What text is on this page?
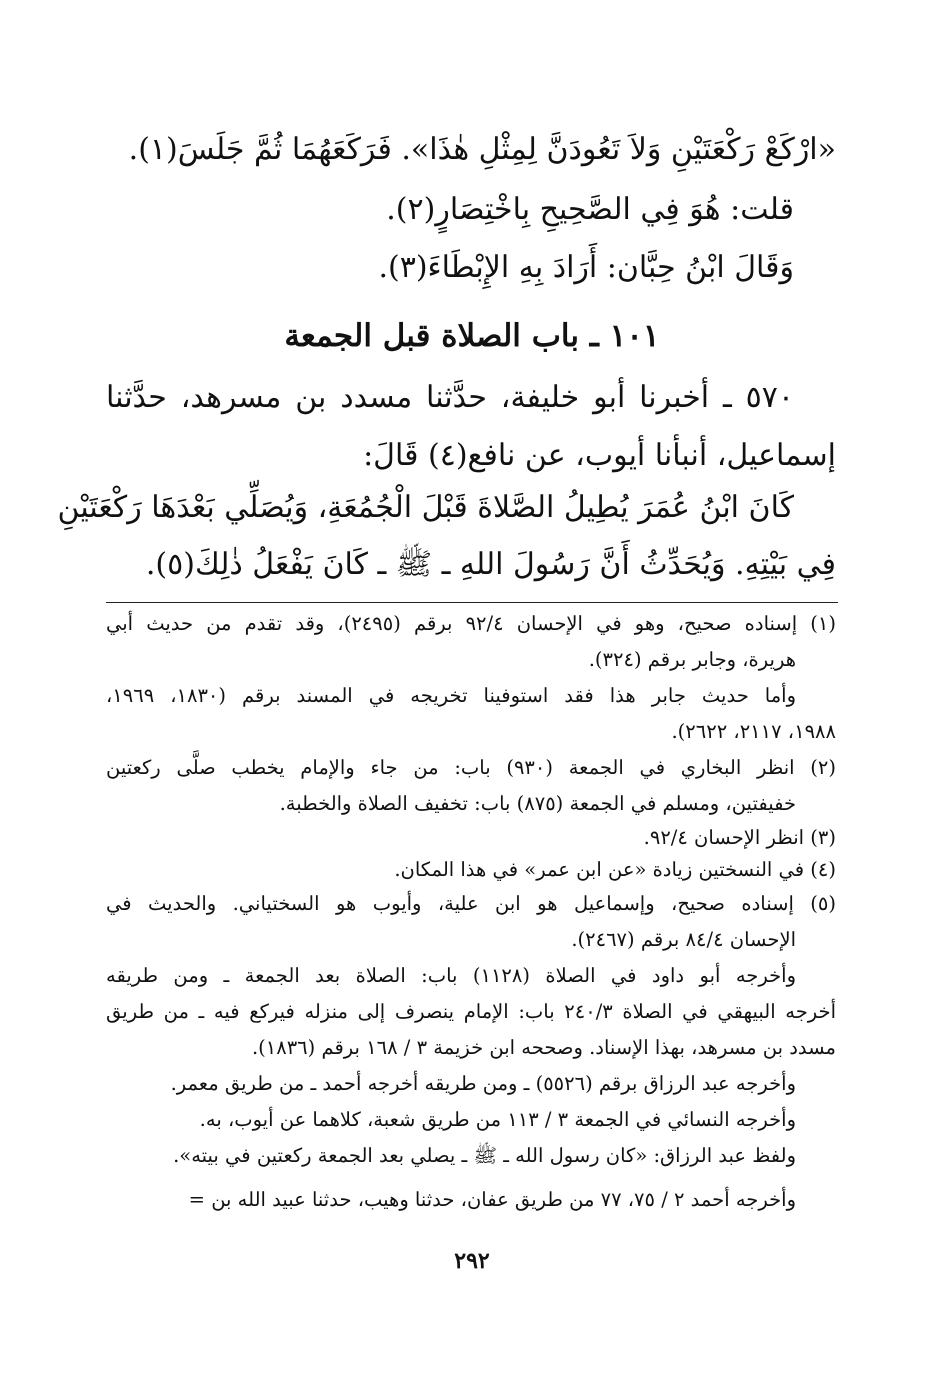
«ارْكَعْ رَكْعَتَيْنِ وَلاَ تَعُودَنَّ لِمِثْلِ هٰذَا». فَرَكَعَهُمَا ثُمَّ جَلَسَ(١).
قلت: هُوَ فِي الصَّحِيحِ بِاخْتِصَارٍ(٢).
وَقَالَ ابْنُ حِبَّان: أَرَادَ بِهِ الإِبْطَاءَ(٣).
١٠١ ـ باب الصلاة قبل الجمعة
٥٧٠ ـ أخبرنا أبو خليفة، حدَّثنا مسدد بن مسرهد، حدَّثنا
إسماعيل، أنبأنا أيوب، عن نافع(٤) قَالَ:
كَانَ ابْنُ عُمَرَ يُطِيلُ الصَّلاةَ قَبْلَ الْجُمُعَةِ، وَيُصَلِّي بَعْدَهَا رَكْعَتَيْنِ
فِي بَيْتِهِ. وَيُحَدِّثُ أَنَّ رَسُولَ اللهِ ـ ﷺ ـ كَانَ يَفْعَلُ ذٰلِكَ(٥).
(١) إسناده صحيح، وهو في الإحسان ٩٢/٤ برقم (٢٤٩٥)، وقد تقدم من حديث أبي
هريرة، وجابر برقم (٣٢٤).
وأما حديث جابر هذا فقد استوفينا تخريجه في المسند برقم (١٨٣٠، ١٩٦٩،
١٩٨٨، ٢١١٧، ٢٦٢٢).
(٢) انظر البخاري في الجمعة (٩٣٠) باب: من جاء والإمام يخطب صلَّى ركعتين
خفيفتين، ومسلم في الجمعة (٨٧٥) باب: تخفيف الصلاة والخطبة.
(٣) انظر الإحسان ٩٢/٤.
(٤) في النسختين زيادة «عن ابن عمر» في هذا المكان.
(٥) إسناده صحيح، وإسماعيل هو ابن علية، وأيوب هو السختياني. والحديث في
الإحسان ٨٤/٤ برقم (٢٤٦٧).
وأخرجه أبو داود في الصلاة (١١٢٨) باب: الصلاة بعد الجمعة ـ ومن طريقه
أخرجه البيهقي في الصلاة ٢٤٠/٣ باب: الإمام ينصرف إلى منزله فيركع فيه ـ من طريق
مسدد بن مسرهد، بهذا الإسناد. وصححه ابن خزيمة ٣ / ١٦٨ برقم (١٨٣٦).
وأخرجه عبد الرزاق برقم (٥٥٢٦) ـ ومن طريقه أخرجه أحمد ـ من طريق معمر.
وأخرجه النسائي في الجمعة ٣ / ١١٣ من طريق شعبة، كلاهما عن أيوب، به.
ولفظ عبد الرزاق: «كان رسول الله ـ ﷺ ـ يصلي بعد الجمعة ركعتين في بيته».
وأخرجه أحمد ٢ / ٧٥، ٧٧ من طريق عفان، حدثنا وهيب، حدثنا عبيد الله بن =
٢٩٢
